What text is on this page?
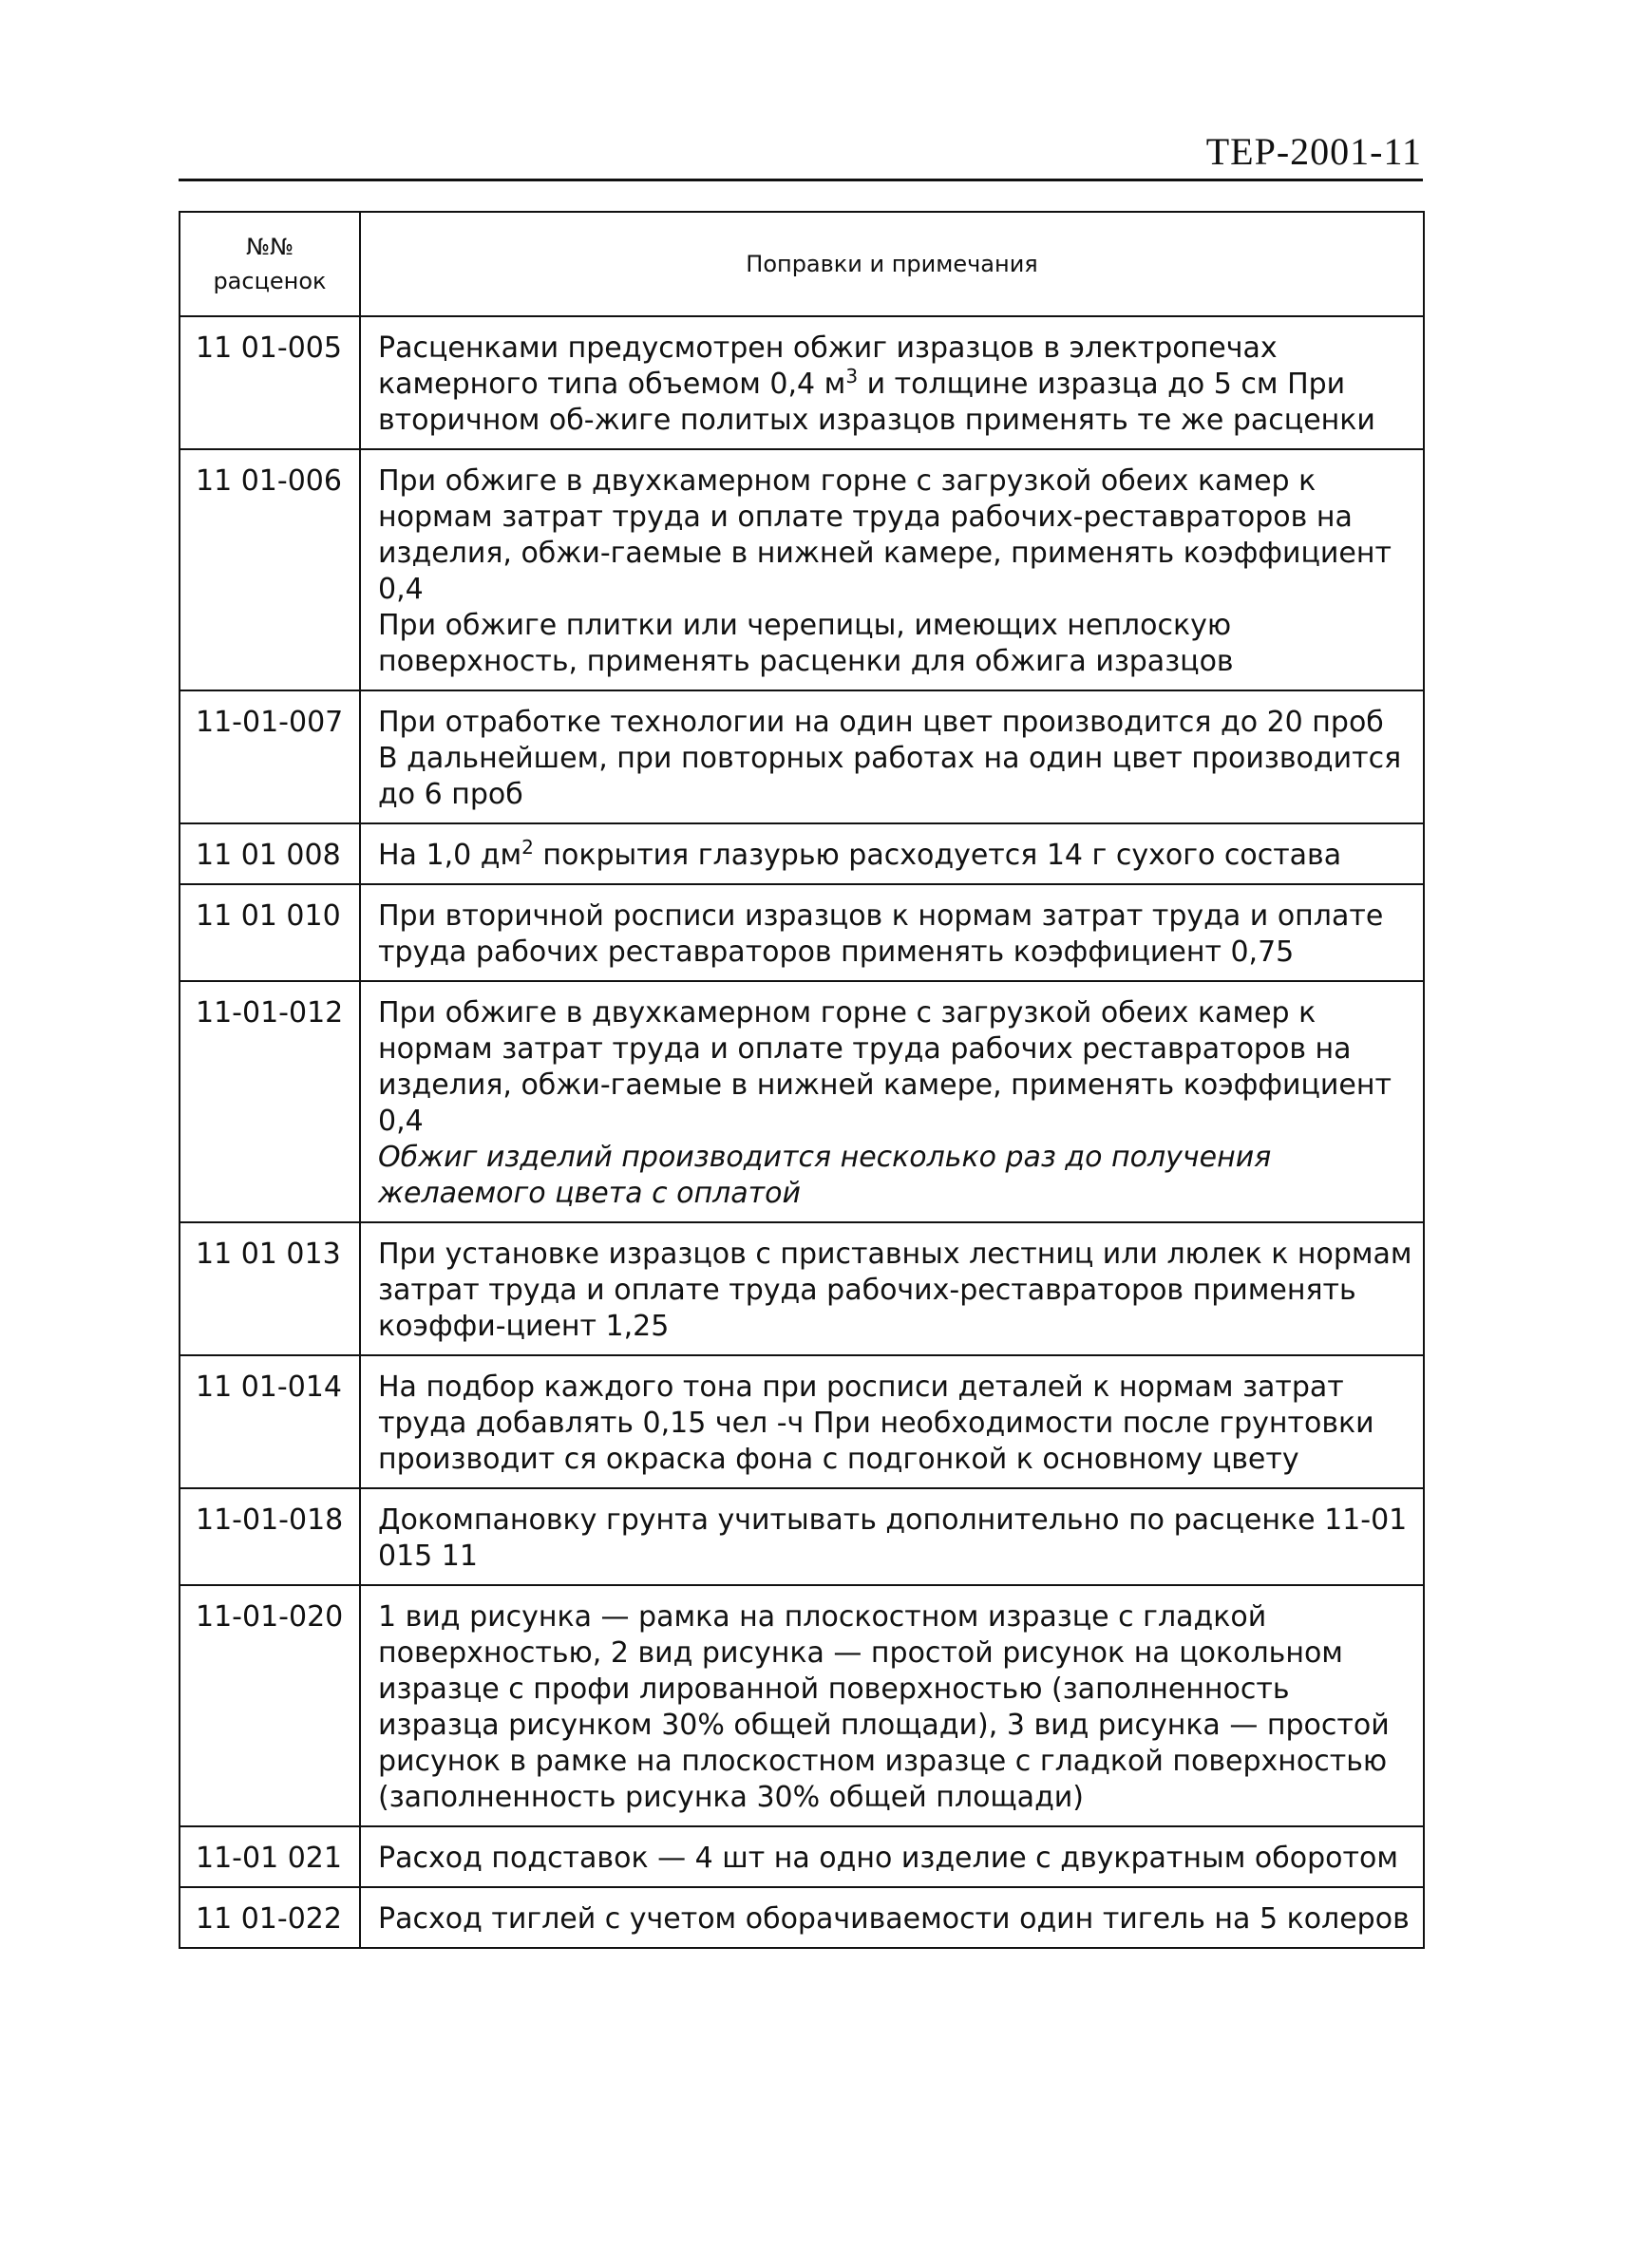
ТЕР-2001-11
№№
расценок	Поправки и примечания
11 01-005	Расценками предусмотрен обжиг изразцов в электропечах камерного типа объемом 0,4 $м^3$ и толщине изразца до 5 см При вторичном об-жиге политых изразцов применять те же расценки

11 01-006	При обжиге в двухкамерном горне с загрузкой обеих камер к нормам затрат труда и оплате труда рабочих-реставраторов на изделия, обжи-гаемые в нижней камере, применять коэффициент 0,4
При обжиге плитки или черепицы, имеющих неплоскую поверхность, применять расценки для обжига изразцов

11-01-007	При отработке технологии на один цвет производится до 20 проб
В дальнейшем, при повторных работах на один цвет производится до 6 проб

11 01 008	На 1,0 $дм^2$ покрытия глазурью расходуется 14 г сухого состава

11 01 010	При вторичной росписи изразцов к нормам затрат труда и оплате труда рабочих реставраторов применять коэффициент 0,75

11-01-012	При обжиге в двухкамерном горне с загрузкой обеих камер к нормам затрат труда и оплате труда рабочих реставраторов на изделия, обжи-гаемые в нижней камере, применять коэффициент 0,4
Обжиг изделий производится несколько раз до получения желаемого цвета с оплатой

11 01 013	При установке изразцов с приставных лестниц или люлек к нормам затрат труда и оплате труда рабочих-реставраторов применять коэффи-циент 1,25

11 01-014	На подбор каждого тона при росписи деталей к нормам затрат труда добавлять 0,15 чел -ч При необходимости после грунтовки производит ся окраска фона с подгонкой к основному цвету

11-01-018	Докомпановку грунта учитывать дополнительно по расценке 11-01 015 11

11-01-020	1 вид рисунка — рамка на плоскостном изразце с гладкой поверхностью, 2 вид рисунка — простой рисунок на цокольном изразце с профи лированной поверхностью (заполненность изразца рисунком 30% общей площади), 3 вид рисунка — простой рисунок в рамке на плоскостном изразце с гладкой поверхностью (заполненность рисунка 30% общей площади)

11-01 021	Расход подставок — 4 шт на одно изделие с двукратным оборотом

11 01-022	Расход тиглей с учетом оборачиваемости один тигель на 5 колеров
